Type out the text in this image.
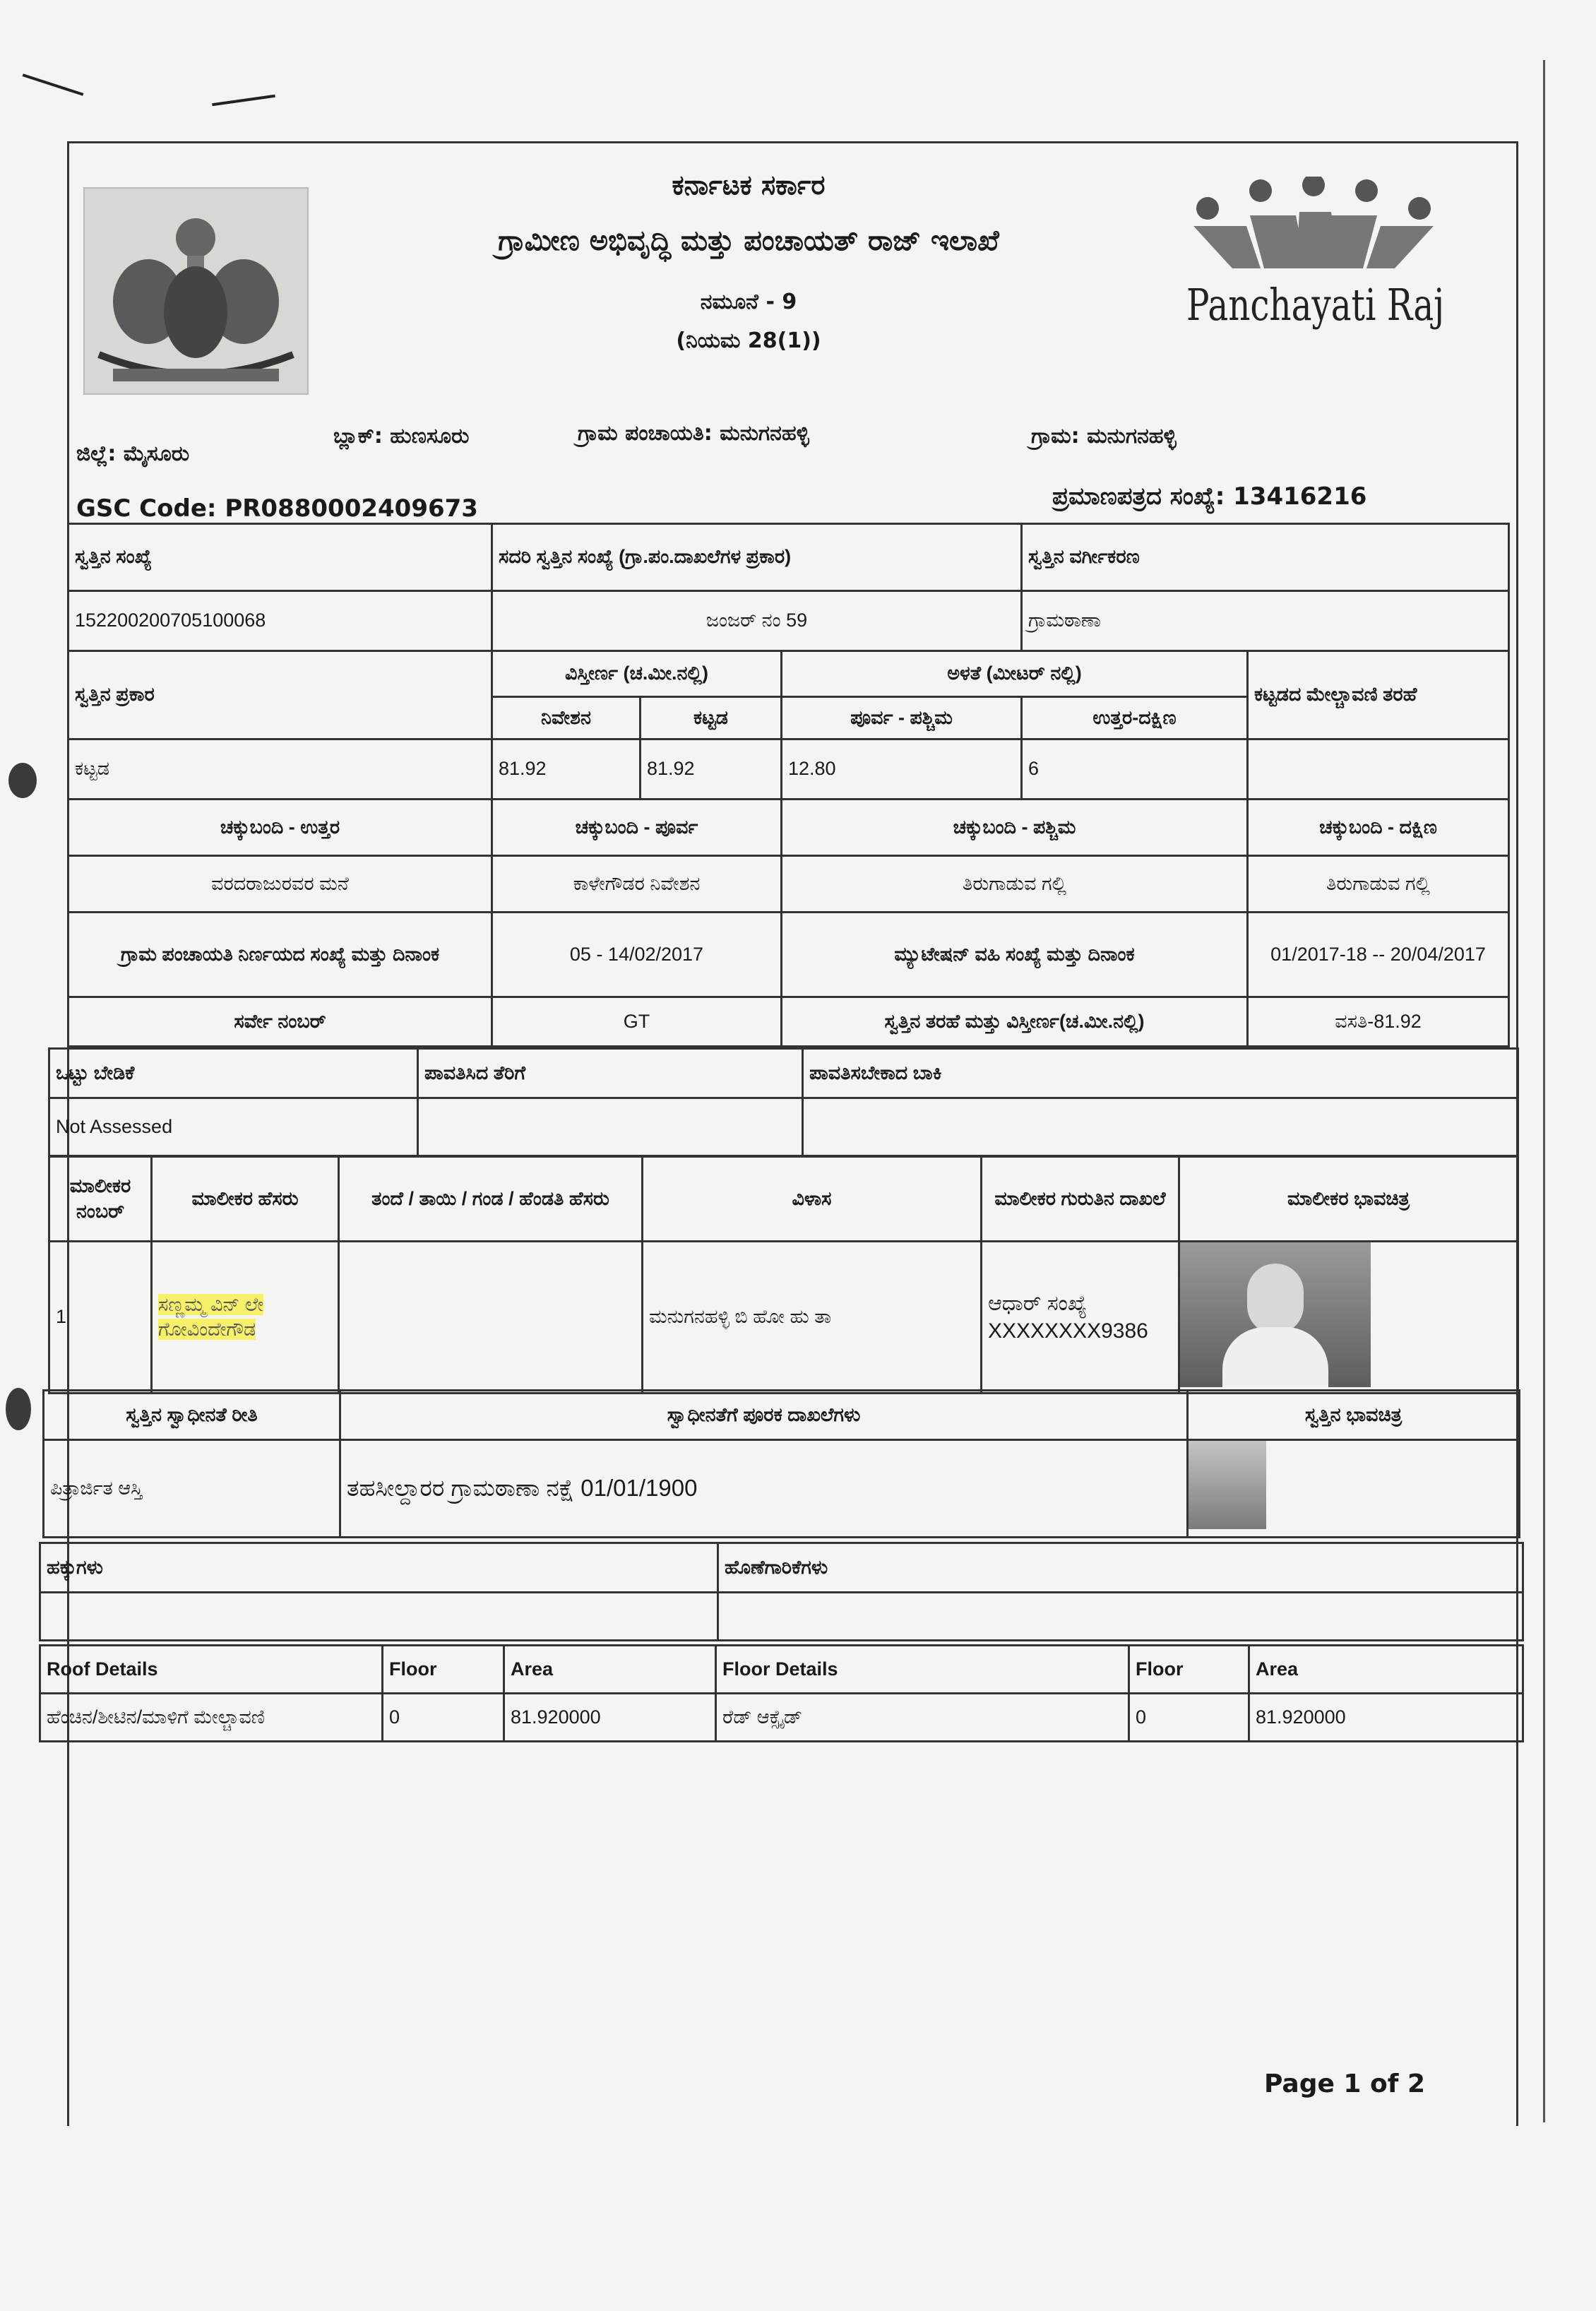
ಕರ್ನಾಟಕ ಸರ್ಕಾರ
ಗ್ರಾಮೀಣ ಅಭಿವೃದ್ಧಿ ಮತ್ತು ಪಂಚಾಯತ್ ರಾಜ್ ಇಲಾಖೆ
ನಮೂನೆ - 9
(ನಿಯಮ 28(1))
Panchayati Raj
ಜಿಲ್ಲೆ: ಮೈಸೂರು
ಬ್ಲಾಕ್: ಹುಣಸೂರು	ಗ್ರಾಮ ಪಂಚಾಯತಿ: ಮನುಗನಹಳ್ಳಿ	ಗ್ರಾಮ: ಮನುಗನಹಳ್ಳಿ
GSC Code: PR0880002409673	ಪ್ರಮಾಣಪತ್ರದ ಸಂಖ್ಯೆ: 13416216
ಸ್ವತ್ತಿನ ಸಂಖ್ಯೆ	ಸದರಿ ಸ್ವತ್ತಿನ ಸಂಖ್ಯೆ (ಗ್ರಾ.ಪಂ.ದಾಖಲೆಗಳ ಪ್ರಕಾರ)			ಸ್ವತ್ತಿನ ವರ್ಗೀಕರಣ	
152200200705100068	ಜಂಜರ್ ನಂ 59			ಗ್ರಾಮಠಾಣಾ	
ಸ್ವತ್ತಿನ ಪ್ರಕಾರ	ವಿಸ್ತೀರ್ಣ (ಚ.ಮೀ.ನಲ್ಲಿ)		ಅಳತೆ (ಮೀಟರ್ ನಲ್ಲಿ)		ಕಟ್ಟಡದ ಮೇಲ್ಚಾವಣಿ ತರಹೆ
	ನಿವೇಶನ	ಕಟ್ಟಡ	ಪೂರ್ವ - ಪಶ್ಚಿಮ	ಉತ್ತರ-ದಕ್ಷಿಣ	
ಕಟ್ಟಡ	81.92	81.92	12.80	6	
ಚಕ್ಕುಬಂದಿ - ಉತ್ತರ	ಚಕ್ಕುಬಂದಿ - ಪೂರ್ವ		ಚಕ್ಕುಬಂದಿ - ಪಶ್ಚಿಮ		ಚಕ್ಕುಬಂದಿ - ದಕ್ಷಿಣ
ವರದರಾಜುರವರ ಮನೆ	ಕಾಳೇಗೌಡರ ನಿವೇಶನ		ತಿರುಗಾಡುವ ಗಲ್ಲಿ		ತಿರುಗಾಡುವ ಗಲ್ಲಿ
ಗ್ರಾಮ ಪಂಚಾಯತಿ ನಿರ್ಣಯದ ಸಂಖ್ಯೆ ಮತ್ತು ದಿನಾಂಕ	05 - 14/02/2017		ಮ್ಯುಟೇಷನ್ ವಹಿ ಸಂಖ್ಯೆ ಮತ್ತು ದಿನಾಂಕ		01/2017-18 -- 20/04/2017
ಸರ್ವೇ ನಂಬರ್	GT		ಸ್ವತ್ತಿನ ತರಹೆ ಮತ್ತು ವಿಸ್ತೀರ್ಣ(ಚ.ಮೀ.ನಲ್ಲಿ)		ವಸತಿ-81.92
ಒಟ್ಟು ಬೇಡಿಕೆ	ಪಾವತಿಸಿದ ತೆರಿಗೆ	ಪಾವತಿಸಬೇಕಾದ ಬಾಕಿ
Not Assessed		
ಮಾಲೀಕರ ನಂಬರ್	ಮಾಲೀಕರ ಹೆಸರು	ತಂದೆ / ತಾಯಿ / ಗಂಡ / ಹೆಂಡತಿ ಹೆಸರು	ವಿಳಾಸ	ಮಾಲೀಕರ ಗುರುತಿನ ದಾಖಲೆ	ಮಾಲೀಕರ ಭಾವಚಿತ್ರ
1	ಸಣ್ಣಮ್ಮ ವಿನ್ ಲೇ ಗೋವಿಂದೇಗೌಡ		ಮನುಗನಹಳ್ಳಿ ಬಿ ಹೋ ಹು ತಾ	ಆಧಾರ್ ಸಂಖ್ಯೆ XXXXXXXX9386	
ಸ್ವತ್ತಿನ ಸ್ವಾಧೀನತೆ ರೀತಿ	ಸ್ವಾಧೀನತೆಗೆ ಪೂರಕ ದಾಖಲೆಗಳು	ಸ್ವತ್ತಿನ ಭಾವಚಿತ್ರ
ಪಿತ್ರಾರ್ಜಿತ ಆಸ್ತಿ	ತಹಸೀಲ್ದಾರರ ಗ್ರಾಮಠಾಣಾ ನಕ್ಷೆ 01/01/1900	
ಹಕ್ಕುಗಳು	ಹೊಣೆಗಾರಿಕೆಗಳು

Roof Details	Floor	Area	Floor Details	Floor	Area
ಹೆಂಚಿನ/ಶೀಟಿನ/ಮಾಳಿಗೆ ಮೇಲ್ಚಾವಣಿ	0	81.920000	ರೆಡ್ ಆಕ್ಸೈಡ್	0	81.920000
Page 1 of 2
